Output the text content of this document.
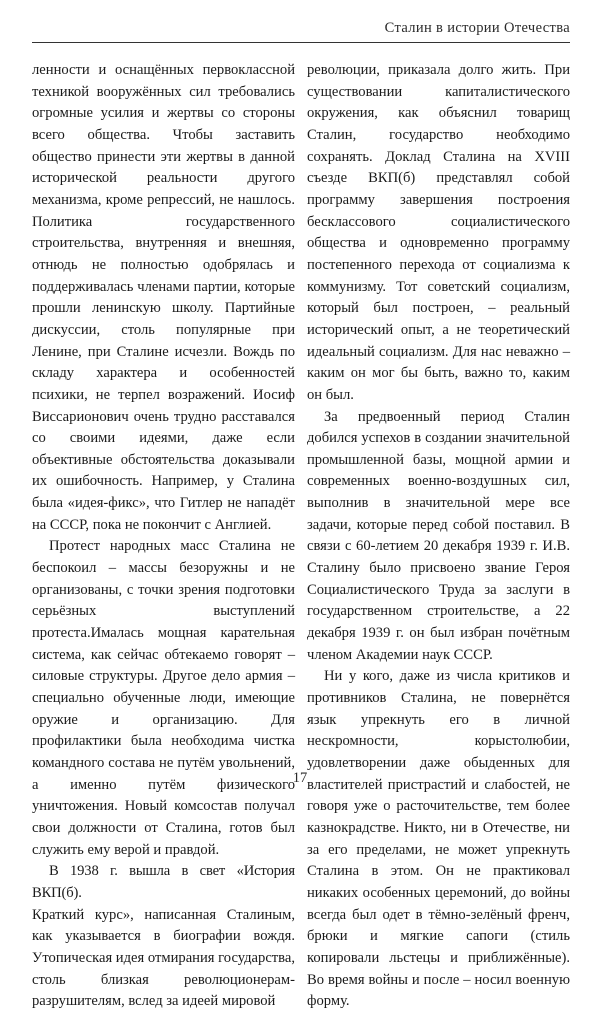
Сталин в истории Отечества

ленности и оснащённых первоклассной техникой вооружённых сил требовались огромные усилия и жертвы со стороны всего общества. Чтобы заставить общество принести эти жертвы в данной исторической реальности другого механизма, кроме репрессий, не нашлось. Политика государственного строительства, внутренняя и внешняя, отнюдь не полностью одобрялась и поддерживалась членами партии, которые прошли ленинскую школу. Партийные дискуссии, столь популярные при Ленине, при Сталине исчезли. Вождь по складу характера и особенностей психики, не терпел возражений. Иосиф Виссарионович очень трудно расставался со своими идеями, даже если объективные обстоятельства доказывали их ошибочность. Например, у Сталина была «идея-фикс», что Гитлер не нападёт на СССР, пока не покончит с Англией.

Протест народных масс Сталина не беспокоил – массы безоружны и не организованы, с точки зрения подготовки серьёзных выступлений протеста.Ималась мощная карательная система, как сейчас обтекаемо говорят – силовые структуры. Другое дело армия – специально обученные люди, имеющие оружие и организацию. Для профилактики была необходима чистка командного состава не путём увольнений, а именно путём физического уничтожения. Новый комсостав получал свои должности от Сталина, готов был служить ему верой и правдой.

В 1938 г. вышла в свет «История ВКП(б).

Краткий курс», написанная Сталиным, как указывается в биографии вождя. Утопическая идея отмирания государства, столь близкая революционерам-разрушителям, вслед за идеей мировой

революции, приказала долго жить. При существовании капиталистического окружения, как объяснил товарищ Сталин, государство необходимо сохранять. Доклад Сталина на XVIII съезде ВКП(б) представлял собой программу завершения построения бесклассового социалистического общества и одновременно программу постепенного перехода от социализма к коммунизму. Тот советский социализм, который был построен, – реальный исторический опыт, а не теоретический идеальный социализм. Для нас неважно – каким он мог бы быть, важно то, каким он был.

За предвоенный период Сталин добился успехов в создании значительной промышленной базы, мощной армии и современных военно-воздушных сил, выполнив в значительной мере все задачи, которые перед собой поставил. В связи с 60-летием 20 декабря 1939 г. И.В. Сталину было присвоено звание Героя Социалистического Труда за заслуги в государственном строительстве, а 22 декабря 1939 г. он был избран почётным членом Академии наук СССР.

Ни у кого, даже из числа критиков и противников Сталина, не повернётся язык упрекнуть его в личной нескромности, корыстолюбии, удовлетворении даже обыденных для властителей пристрастий и слабостей, не говоря уже о расточительстве, тем более казнокрадстве. Никто, ни в Отечестве, ни за его пределами, не может упрекнуть Сталина в этом. Он не практиковал никаких особенных церемоний, до войны всегда был одет в тёмно-зелёный френч, брюки и мягкие сапоги (стиль копировали льстецы и приближённые). Во время войны и после – носил военную форму.

17
